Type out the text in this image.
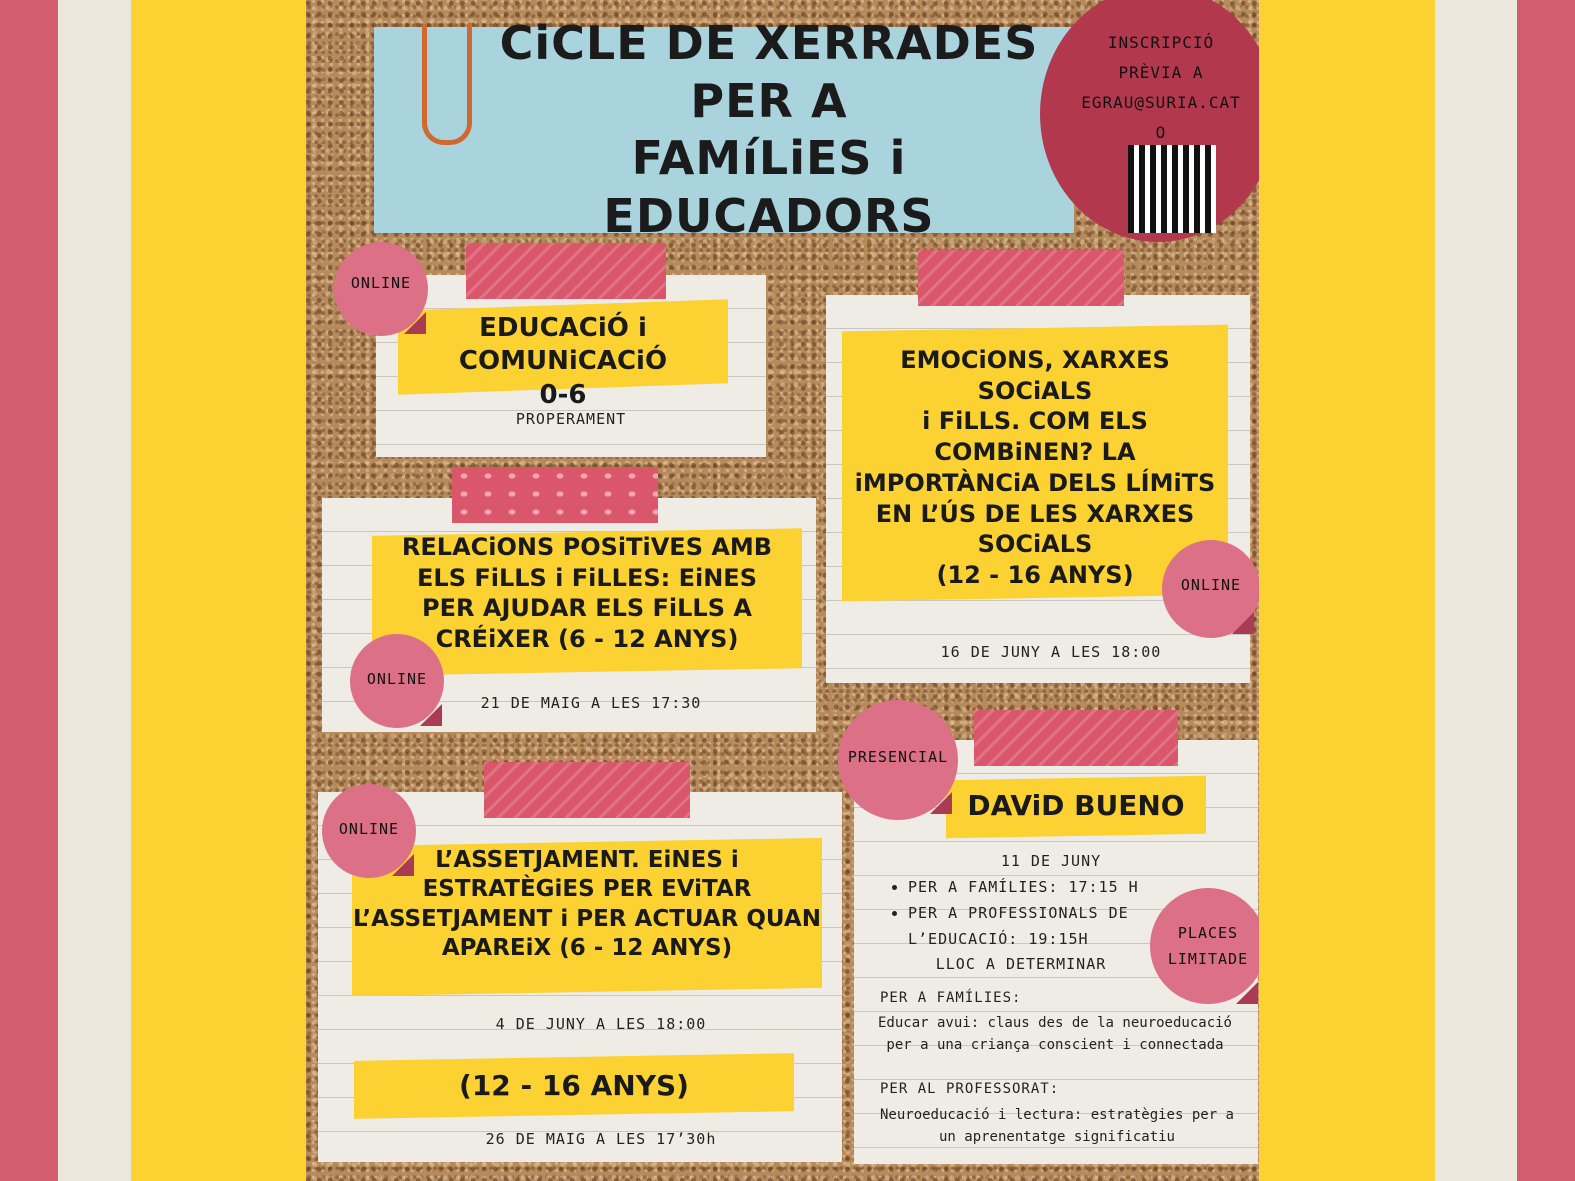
CiCLE DE XERRADES PER A
FAMíLiES i EDUCADORS
INSCRIPCIÓ
PRÈVIA A
EGRAU@SURIA.CAT
O
EDUCACiÓ i COMUNiCACiÓ
0-6
PROPERAMENT
ONLINE
RELACiONS POSiTiVES AMB
ELS FiLLS i FiLLES: EiNES
PER AJUDAR ELS FiLLS A
CRÉiXER (6 - 12 ANYS)
21 DE MAIG A LES 17:30
ONLINE
L’ASSETJAMENT. EiNES i
ESTRATÈGiES PER EViTAR
L’ASSETJAMENT i PER ACTUAR QUAN
APAREiX (6 - 12 ANYS)
4 DE JUNY A LES 18:00
(12 - 16 ANYS)
26 DE MAIG A LES 17’30h
ONLINE
EMOCiONS, XARXES SOCiALS
i FiLLS. COM ELS
COMBiNEN? LA
iMPORTÀNCiA DELS LÍMiTS
EN L’ÚS DE LES XARXES
SOCiALS
(12 - 16 ANYS)
16 DE JUNY A LES 18:00
ONLINE
DAViD BUENO
11 DE JUNY
• PER A FAMÍLIES: 17:15 H
• PER A PROFESSIONALS DE L’EDUCACIÓ: 19:15H
LLOC A DETERMINAR
PER A FAMÍLIES:
Educar avui: claus des de la neuroeducació
per a una criança conscient i connectada
PER AL PROFESSORAT:
Neuroeducació i lectura: estratègies per a
un aprenentatge significatiu
PRESENCIAL
PLACES
LIMITADE
